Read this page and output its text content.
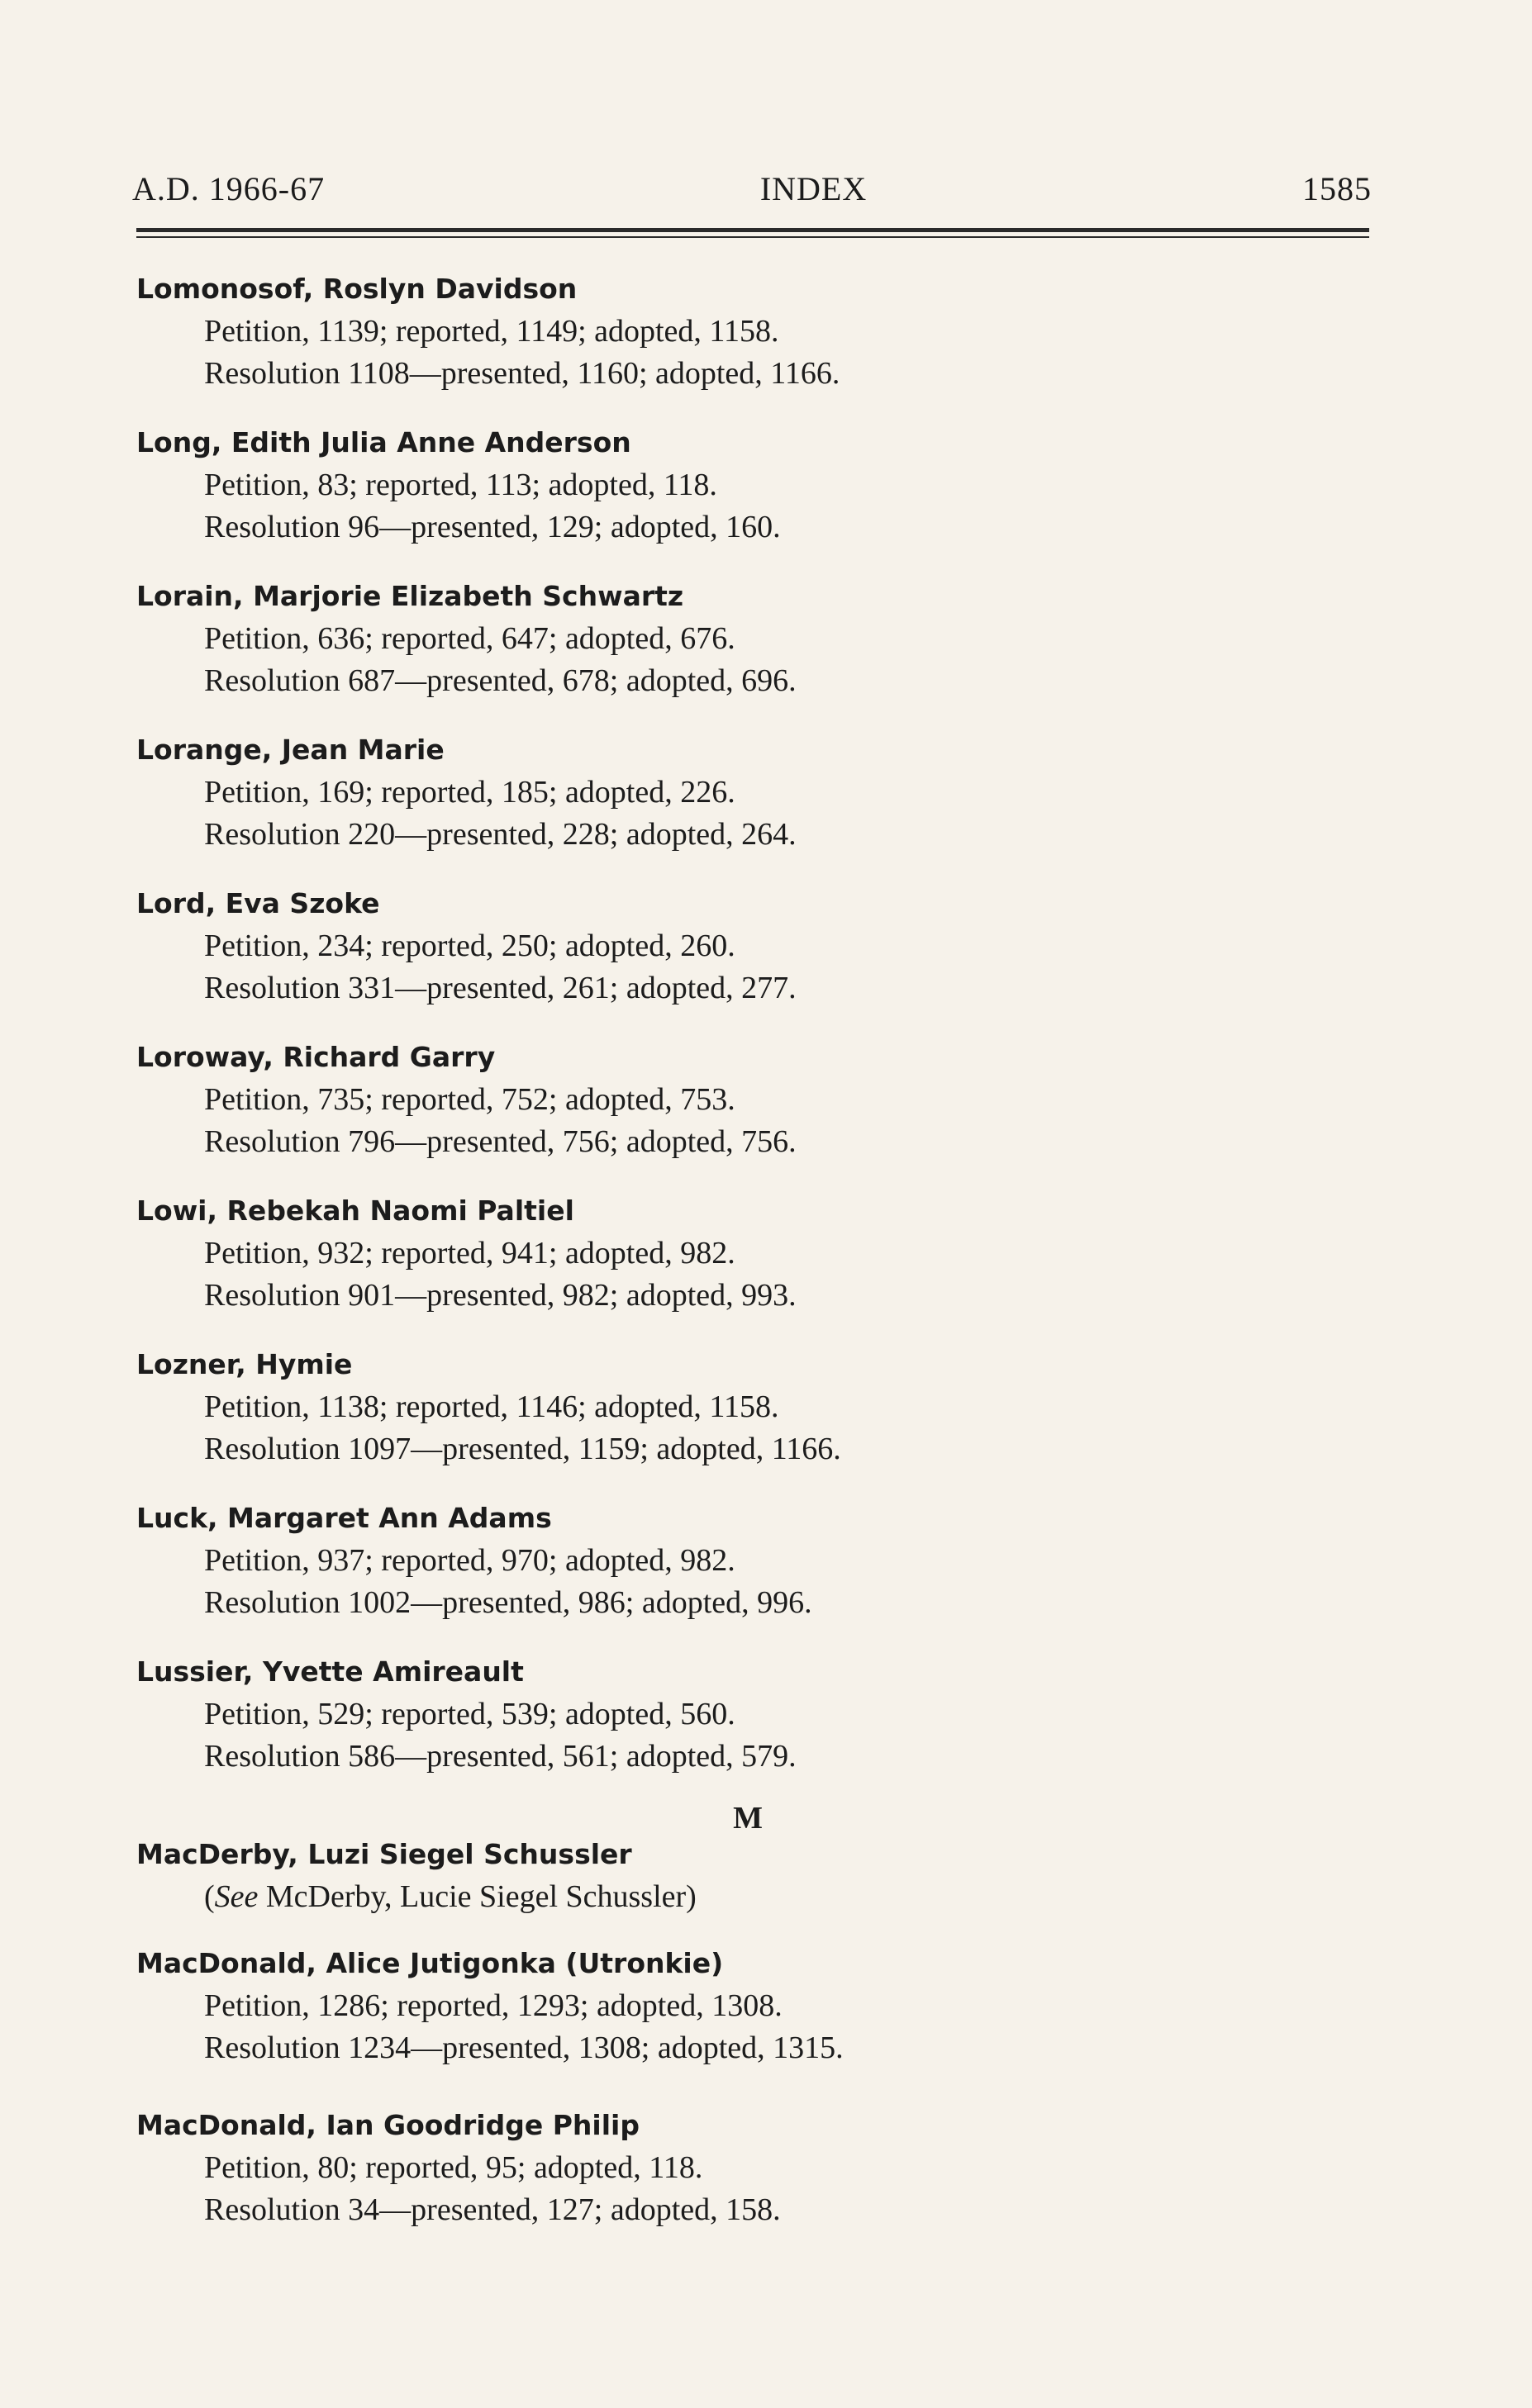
A.D. 1966-67	INDEX	1585
Lomonosof, Roslyn Davidson
Petition, 1139; reported, 1149; adopted, 1158.
Resolution 1108—presented, 1160; adopted, 1166.
Long, Edith Julia Anne Anderson
Petition, 83; reported, 113; adopted, 118.
Resolution 96—presented, 129; adopted, 160.
Lorain, Marjorie Elizabeth Schwartz
Petition, 636; reported, 647; adopted, 676.
Resolution 687—presented, 678; adopted, 696.
Lorange, Jean Marie
Petition, 169; reported, 185; adopted, 226.
Resolution 220—presented, 228; adopted, 264.
Lord, Eva Szoke
Petition, 234; reported, 250; adopted, 260.
Resolution 331—presented, 261; adopted, 277.
Loroway, Richard Garry
Petition, 735; reported, 752; adopted, 753.
Resolution 796—presented, 756; adopted, 756.
Lowi, Rebekah Naomi Paltiel
Petition, 932; reported, 941; adopted, 982.
Resolution 901—presented, 982; adopted, 993.
Lozner, Hymie
Petition, 1138; reported, 1146; adopted, 1158.
Resolution 1097—presented, 1159; adopted, 1166.
Luck, Margaret Ann Adams
Petition, 937; reported, 970; adopted, 982.
Resolution 1002—presented, 986; adopted, 996.
Lussier, Yvette Amireault
Petition, 529; reported, 539; adopted, 560.
Resolution 586—presented, 561; adopted, 579.
M
MacDerby, Luzi Siegel Schussler
(See McDerby, Lucie Siegel Schussler)
MacDonald, Alice Jutigonka (Utronkie)
Petition, 1286; reported, 1293; adopted, 1308.
Resolution 1234—presented, 1308; adopted, 1315.
MacDonald, Ian Goodridge Philip
Petition, 80; reported, 95; adopted, 118.
Resolution 34—presented, 127; adopted, 158.
